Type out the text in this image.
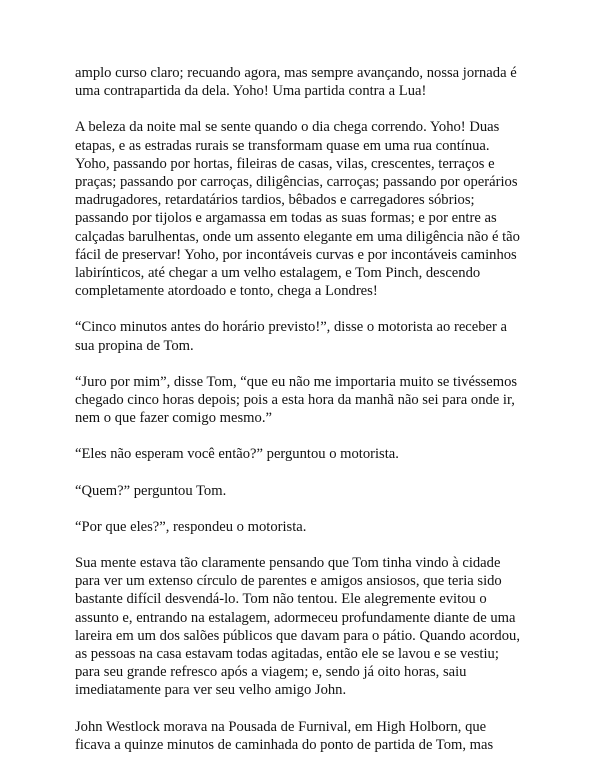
amplo curso claro; recuando agora, mas sempre avançando, nossa jornada é
uma contrapartida da dela. Yoho! Uma partida contra a Lua!

A beleza da noite mal se sente quando o dia chega correndo. Yoho! Duas
etapas, e as estradas rurais se transformam quase em uma rua contínua.
Yoho, passando por hortas, fileiras de casas, vilas, crescentes, terraços e
praças; passando por carroças, diligências, carroças; passando por operários
madrugadores, retardatários tardios, bêbados e carregadores sóbrios;
passando por tijolos e argamassa em todas as suas formas; e por entre as
calçadas barulhentas, onde um assento elegante em uma diligência não é tão
fácil de preservar! Yoho, por incontáveis curvas e por incontáveis caminhos
labirínticos, até chegar a um velho estalagem, e Tom Pinch, descendo
completamente atordoado e tonto, chega a Londres!

“Cinco minutos antes do horário previsto!”, disse o motorista ao receber a
sua propina de Tom.

“Juro por mim”, disse Tom, “que eu não me importaria muito se tivéssemos
chegado cinco horas depois; pois a esta hora da manhã não sei para onde ir,
nem o que fazer comigo mesmo.”

“Eles não esperam você então?” perguntou o motorista.

“Quem?” perguntou Tom.

“Por que eles?”, respondeu o motorista.

Sua mente estava tão claramente pensando que Tom tinha vindo à cidade
para ver um extenso círculo de parentes e amigos ansiosos, que teria sido
bastante difícil desvendá-lo. Tom não tentou. Ele alegremente evitou o
assunto e, entrando na estalagem, adormeceu profundamente diante de uma
lareira em um dos salões públicos que davam para o pátio. Quando acordou,
as pessoas na casa estavam todas agitadas, então ele se lavou e se vestiu;
para seu grande refresco após a viagem; e, sendo já oito horas, saiu
imediatamente para ver seu velho amigo John.

John Westlock morava na Pousada de Furnival, em High Holborn, que
ficava a quinze minutos de caminhada do ponto de partida de Tom, mas
